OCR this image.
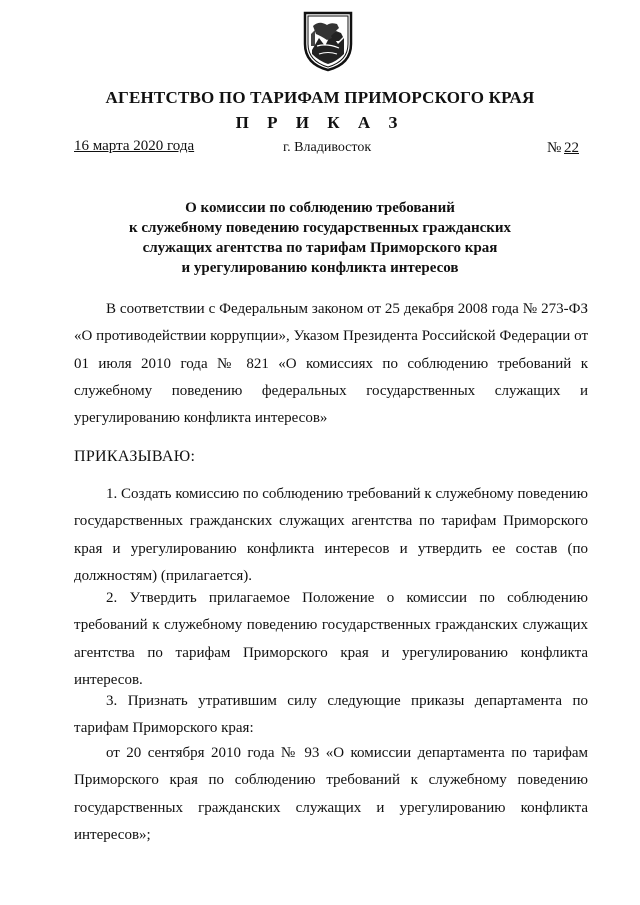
АГЕНТСТВО ПО ТАРИФАМ ПРИМОРСКОГО КРАЯ
П Р И К А З
16 марта 2020 года	г. Владивосток	№ 22
О комиссии по соблюдению требований
к служебному поведению государственных гражданских
служащих агентства по тарифам Приморского края
и урегулированию конфликта интересов
В соответствии с Федеральным законом от 25 декабря 2008 года № 273-ФЗ «О противодействии коррупции», Указом Президента Российской Федерации от 01 июля 2010 года № 821 «О комиссиях по соблюдению требований к служебному поведению федеральных государственных служащих и урегулированию конфликта интересов»
ПРИКАЗЫВАЮ:
1. Создать комиссию по соблюдению требований к служебному поведению государственных гражданских служащих агентства по тарифам Приморского края и урегулированию конфликта интересов и утвердить ее состав (по должностям) (прилагается).
2. Утвердить прилагаемое Положение о комиссии по соблюдению требований к служебному поведению государственных гражданских служащих агентства по тарифам Приморского края и урегулированию конфликта интересов.
3. Признать утратившим силу следующие приказы департамента по тарифам Приморского края:
от 20 сентября 2010 года № 93 «О комиссии департамента по тарифам Приморского края по соблюдению требований к служебному поведению государственных гражданских служащих и урегулированию конфликта интересов»;
